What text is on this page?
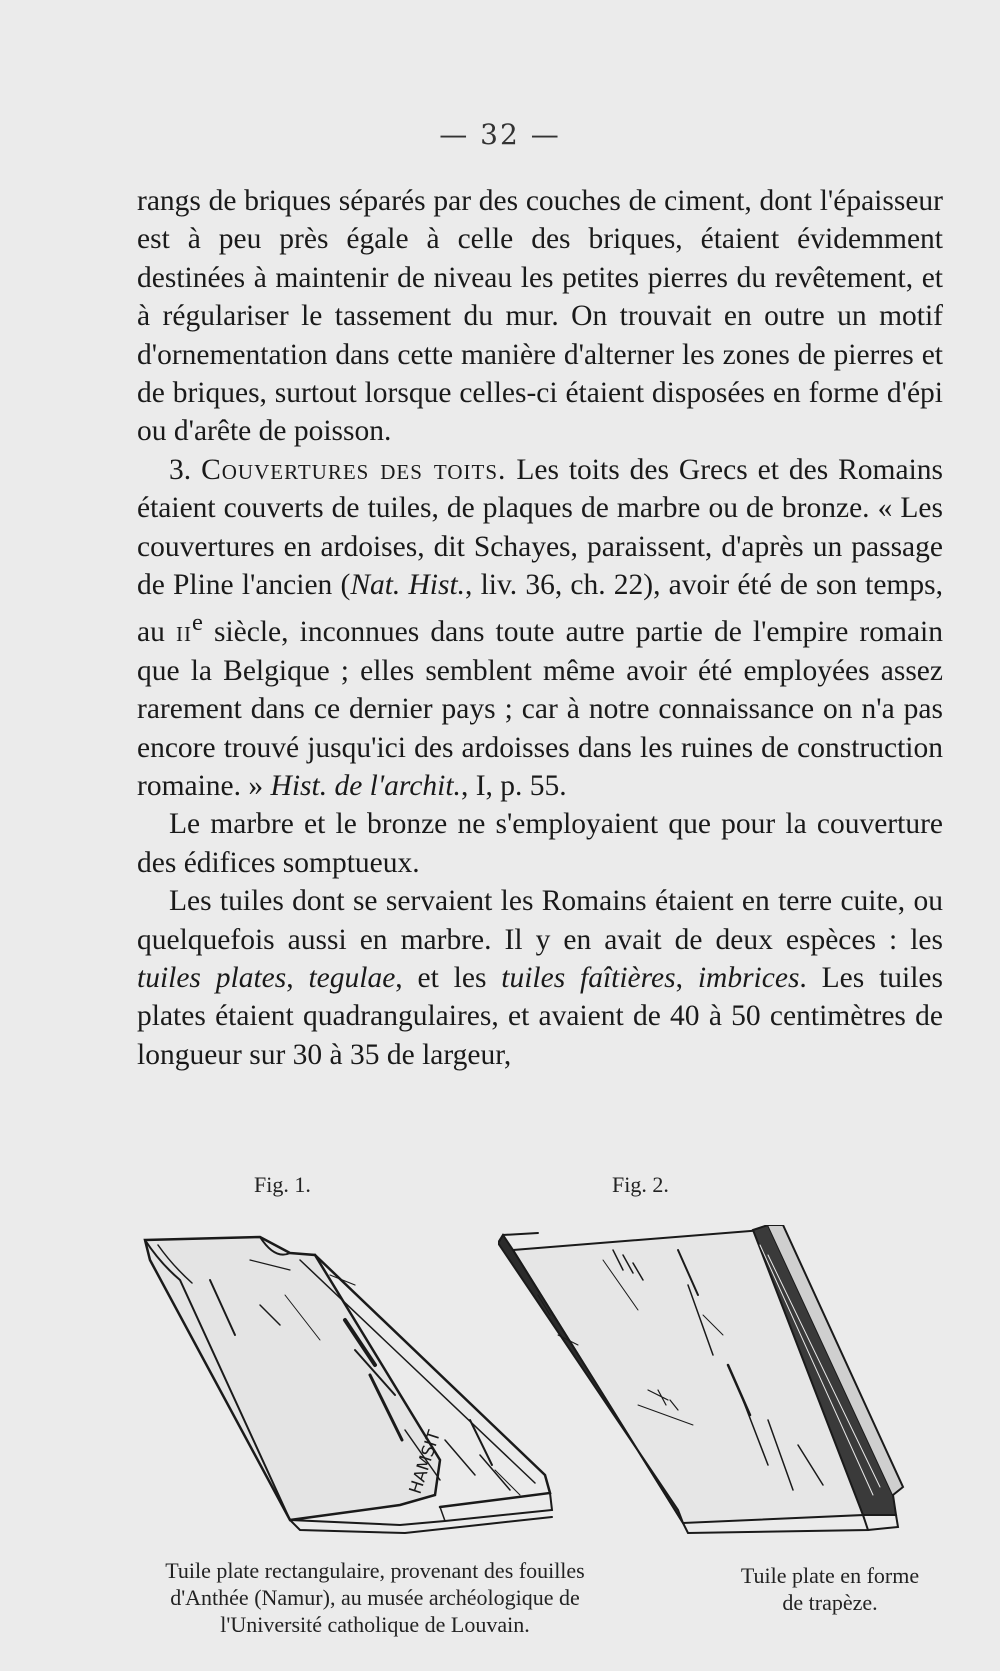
— 32 —

rangs de briques séparés par des couches de ciment, dont l'épaisseur est à peu près égale à celle des briques, étaient évidemment destinées à maintenir de niveau les petites pierres du revêtement, et à régulariser le tassement du mur. On trouvait en outre un motif d'ornementation dans cette manière d'alterner les zones de pierres et de briques, surtout lorsque celles-ci étaient disposées en forme d'épi ou d'arête de poisson.

3. Couvertures des toits. Les toits des Grecs et des Romains étaient couverts de tuiles, de plaques de marbre ou de bronze. « Les couvertures en ardoises, dit Schayes, paraissent, d'après un passage de Pline l'ancien (Nat. Hist., liv. 36, ch. 22), avoir été de son temps, au $ii^e$ siècle, inconnues dans toute autre partie de l'empire romain que la Belgique ; elles semblent même avoir été employées assez rarement dans ce dernier pays ; car à notre connaissance on n'a pas encore trouvé jusqu'ici des ardoisses dans les ruines de construction romaine. » Hist. de l'archit., I, p. 55.

Le marbre et le bronze ne s'employaient que pour la couverture des édifices somptueux.

Les tuiles dont se servaient les Romains étaient en terre cuite, ou quelquefois aussi en marbre. Il y en avait de deux espèces : les tuiles plates, tegulae, et les tuiles faîtières, imbrices. Les tuiles plates étaient quadrangulaires, et avaient de 40 à 50 centimètres de longueur sur 30 à 35 de largeur,

Fig. 1.	Fig. 2.
HAMSIT
Tuile plate rectangulaire, provenant des fouilles
d'Anthée (Namur), au musée archéologique de
l'Université catholique de Louvain.
Tuile plate en forme
de trapèze.
